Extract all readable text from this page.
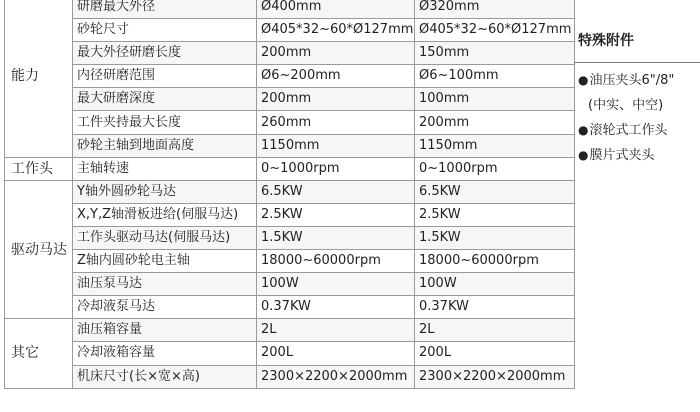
能力	研磨最大外径	Ø400mm	Ø320mm
	砂轮尺寸	Ø405*32~60*Ø127mm	Ø405*32~60*Ø127mm
	最大外径研磨长度	200mm	150mm
	内径研磨范围	Ø6~200mm	Ø6~100mm
	最大研磨深度	200mm	100mm
	工件夹持最大长度	260mm	200mm
	砂轮主轴到地面高度	1150mm	1150mm
工作头	主轴转速	0~1000rpm	0~1000rpm
驱动马达	Y轴外圆砂轮马达	6.5KW	6.5KW
	X,Y,Z轴滑板进给(伺服马达)	2.5KW	2.5KW
	工作头驱动马达(伺服马达)	1.5KW	1.5KW
	Z轴内圆砂轮电主轴	18000~60000rpm	18000~60000rpm
	油压泵马达	100W	100W
	冷却液泵马达	0.37KW	0.37KW
其它	油压箱容量	2L	2L
	冷却液箱容量	200L	200L
	机床尺寸(长×宽×高)	2300×2200×2000mm	2300×2200×2000mm
特殊附件
●油压夹头6"/8"
(中实、中空)
●滚轮式工作头
●膜片式夹头
